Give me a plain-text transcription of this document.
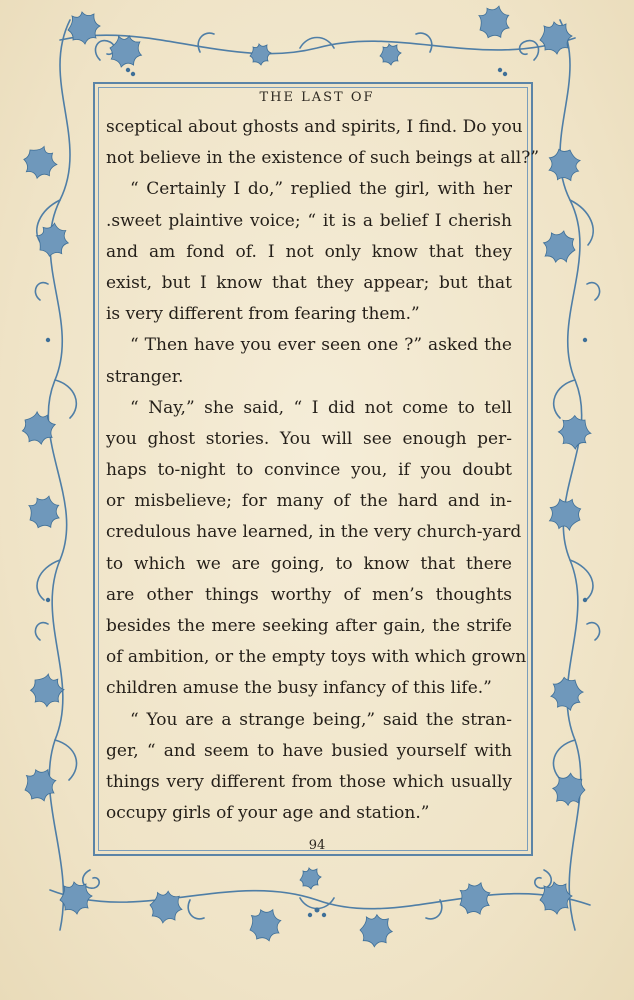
THE LAST OF
sceptical about ghosts and spirits, I find. Do you
not believe in the existence of such beings at all?”
“ Certainly I do,” replied the girl, with her
.sweet plaintive voice; “ it is a belief I cherish
and am fond of. I not only know that they
exist, but I know that they appear; but that
is very different from fearing them.”
“ Then have you ever seen one ?” asked the
stranger.
“ Nay,” she said, “ I did not come to tell
you ghost stories. You will see enough per-
haps to-night to convince you, if you doubt
or misbelieve; for many of the hard and in-
credulous have learned, in the very church-yard
to which we are going, to know that there
are other things worthy of men’s thoughts
besides the mere seeking after gain, the strife
of ambition, or the empty toys with which grown
children amuse the busy infancy of this life.”
“ You are a strange being,” said the stran-
ger, “ and seem to have busied yourself with
things very different from those which usually
occupy girls of your age and station.”
94
